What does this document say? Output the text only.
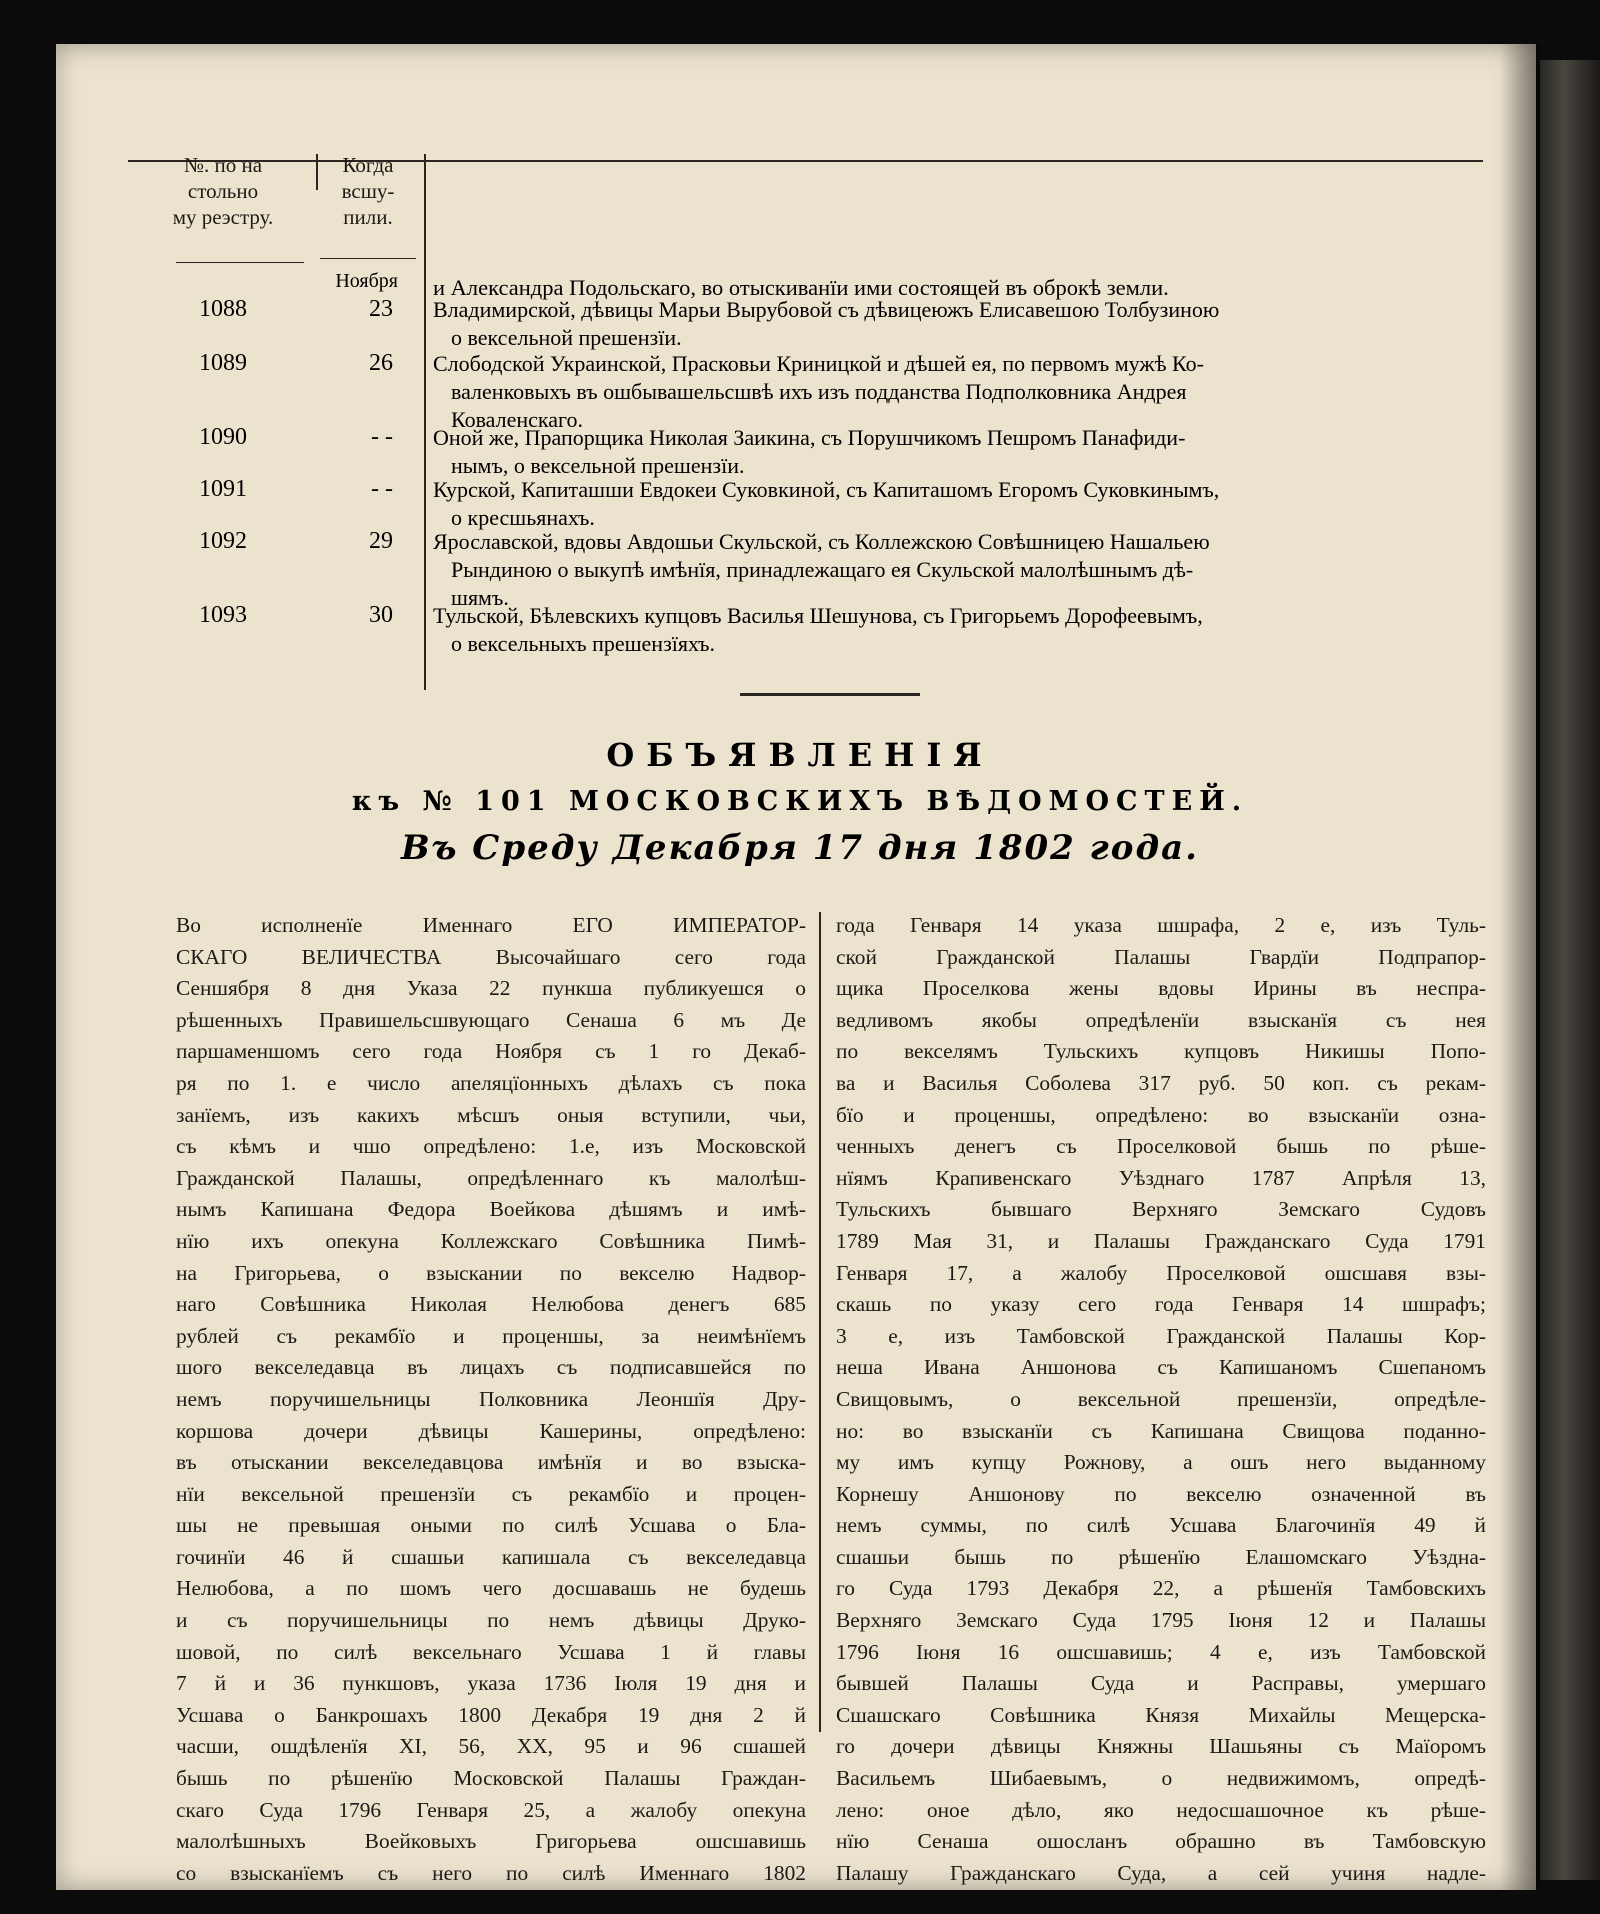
№. по на
стольно
му реэстру.
Когда
всшу-
пили.
Ноября и Александра Подольскаго, во отыскиванїи ими состоящей въ оброкѣ земли.
1088	23 Владимирской, дѣвицы Марьи Вырубовой съ дѣвицеюжъ Елисавешою Толбузиною
о вексельной прешензїи.
1089	26 Слободской Украинской, Прасковьи Криницкой и дѣшей ея, по первомъ мужѣ Ко-
валенковыхъ въ ошбывашельсшвѣ ихъ изъ подданства Подполковника Андрея
Коваленскаго.
1090	- - Оной же, Прапорщика Николая Заикина, съ Порушчикомъ Пешромъ Панафиди-
нымъ, о вексельной прешензїи.
1091	- - Курской, Капиташши Евдокеи Суковкиной, съ Капиташомъ Егоромъ Суковкинымъ,
о кресшьянахъ.
1092	29 Ярославской, вдовы Авдошьи Скульской, съ Коллежскою Совѣшницею Нашальею
Рындиною о выкупѣ имѣнїя, принадлежащаго ея Скульской малолѣшнымъ дѣ-
шямъ.
1093	30 Тульской, Бѣлевскихъ купцовъ Василья Шешунова, съ Григорьемъ Дорофеевымъ,
о вексельныхъ прешензїяхъ.
ОБЪЯВЛЕНІЯ
къ № 101 МОСКОВСКИХЪ ВѢДОМОСТЕЙ.
Въ Среду Декабря 17 дня 1802 года.
Во исполненїе Именнаго ЕГО ИМПЕРАТОР-
СКАГО ВЕЛИЧЕСТВА Высочайшаго сего года
Сеншября 8 дня Указа 22 пункша публикуешся о
рѣшенныхъ Правишельсшвующаго Сенаша 6 мъ Де
паршаменшомъ сего года Ноября съ 1 го Декаб-
ря по 1. е число апеляцїонныхъ дѣлахъ съ пока
занїемъ, изъ какихъ мѣсшъ оныя вступили, чьи,
съ кѣмъ и чшо опредѣлено: 1.е, изъ Московской
Гражданской Палашы, опредѣленнаго къ малолѣш-
нымъ Капишана Федора Воейкова дѣшямъ и имѣ-
нїю ихъ опекуна Коллежскаго Совѣшника Пимѣ-
на Григорьева, о взыскании по векселю Надвор-
наго Совѣшника Николая Нелюбова денегъ 685
рублей съ рекамбїо и проценшы, за неимѣнїемъ
шого векселедавца въ лицахъ съ подписавшейся по
немъ поручишельницы Полковника Леоншїя Дру-
коршова дочери дѣвицы Кашерины, опредѣлено:
въ отыскании векселедавцова имѣнїя и во взыска-
нїи вексельной прешензїи съ рекамбїо и процен-
шы не превышая оными по силѣ Усшава о Бла-
гочинїи 46 й сшашьи капишала съ векселедавца
Нелюбова, а по шомъ чего досшавашь не будешь
и съ поручишельницы по немъ дѣвицы Друко-
шовой, по силѣ вексельнаго Усшава 1 й главы
7 й и 36 пункшовъ, указа 1736 Іюля 19 дня и
Усшава о Банкрошахъ 1800 Декабря 19 дня 2 й
часши, ошдѣленїя XI, 56, XX, 95 и 96 сшашей
бышь по рѣшенїю Московской Палашы Граждан-
скаго Суда 1796 Генваря 25, а жалобу опекуна
малолѣшныхъ Воейковыхъ Григорьева ошсшавишь
со взысканїемъ съ него по силѣ Именнаго 1802
года Генваря 14 указа шшрафа, 2 е, изъ Туль-
ской Гражданской Палашы Гвардїи Подпрапор-
щика Проселкова жены вдовы Ирины въ неспра-
ведливомъ якобы опредѣленїи взысканїя съ нея
по векселямъ Тульскихъ купцовъ Никишы Попо-
ва и Василья Соболева 317 руб. 50 коп. съ рекам-
бїо и проценшы, опредѣлено: во взысканїи озна-
ченныхъ денегъ съ Проселковой бышь по рѣше-
нїямъ Крапивенскаго Уѣзднаго 1787 Апрѣля 13,
Тульскихъ бывшаго Верхняго Земскаго Судовъ
1789 Мая 31, и Палашы Гражданскаго Суда 1791
Генваря 17, а жалобу Проселковой ошсшавя взы-
скашь по указу сего года Генваря 14 шшрафъ;
3 е, изъ Тамбовской Гражданской Палашы Кор-
неша Ивана Аншонова съ Капишаномъ Сшепаномъ
Свищовымъ, о вексельной прешензїи, опредѣле-
но: во взысканїи съ Капишана Свищова поданно-
му имъ купцу Рожнову, а ошъ него выданному
Корнешу Аншонову по векселю означенной въ
немъ суммы, по силѣ Усшава Благочинїя 49 й
сшашьи бышь по рѣшенїю Елашомскаго Уѣздна-
го Суда 1793 Декабря 22, а рѣшенїя Тамбовскихъ
Верхняго Земскаго Суда 1795 Іюня 12 и Палашы
1796 Іюня 16 ошсшавишь; 4 е, изъ Тамбовской
бывшей Палашы Суда и Расправы, умершаго
Сшашскаго Совѣшника Князя Михайлы Мещерска-
го дочери дѣвицы Княжны Шашьяны съ Маїоромъ
Васильемъ Шибаевымъ, о недвижимомъ, опредѣ-
лено: оное дѣло, яко недосшашочное къ рѣше-
нїю Сенаша ошосланъ обрашно въ Тамбовскую
Палашу Гражданскаго Суда, а сей учиня надле-
